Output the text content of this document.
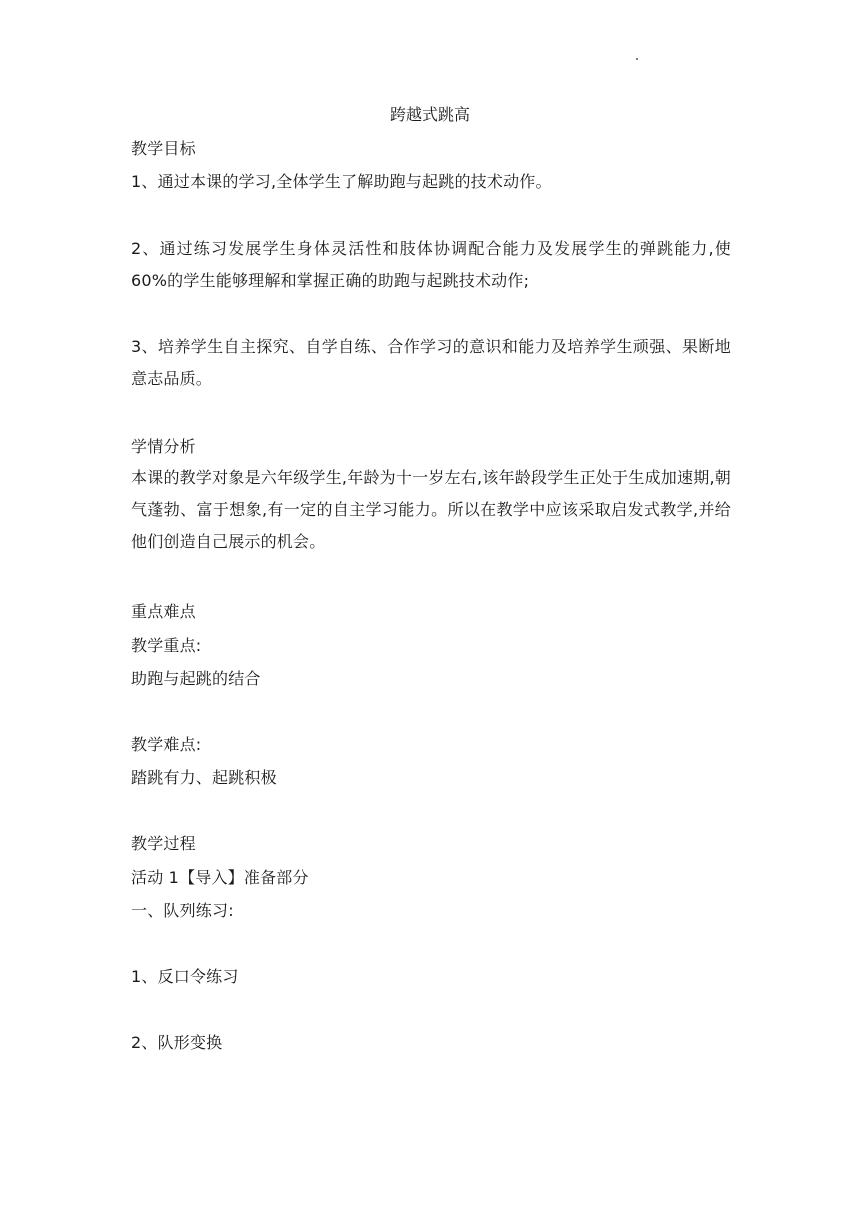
跨越式跳高
教学目标
1、通过本课的学习,全体学生了解助跑与起跳的技术动作。
2、通过练习发展学生身体灵活性和肢体协调配合能力及发展学生的弹跳能力,使60%的学生能够理解和掌握正确的助跑与起跳技术动作;
3、培养学生自主探究、自学自练、合作学习的意识和能力及培养学生顽强、果断地意志品质。
学情分析
本课的教学对象是六年级学生,年龄为十一岁左右,该年龄段学生正处于生成加速期,朝气蓬勃、富于想象,有一定的自主学习能力。所以在教学中应该采取启发式教学,并给他们创造自己展示的机会。
重点难点
教学重点:
助跑与起跳的结合
教学难点:
踏跳有力、起跳积极
教学过程
活动 1【导入】准备部分
一、队列练习:
1、反口令练习
2、队形变换
